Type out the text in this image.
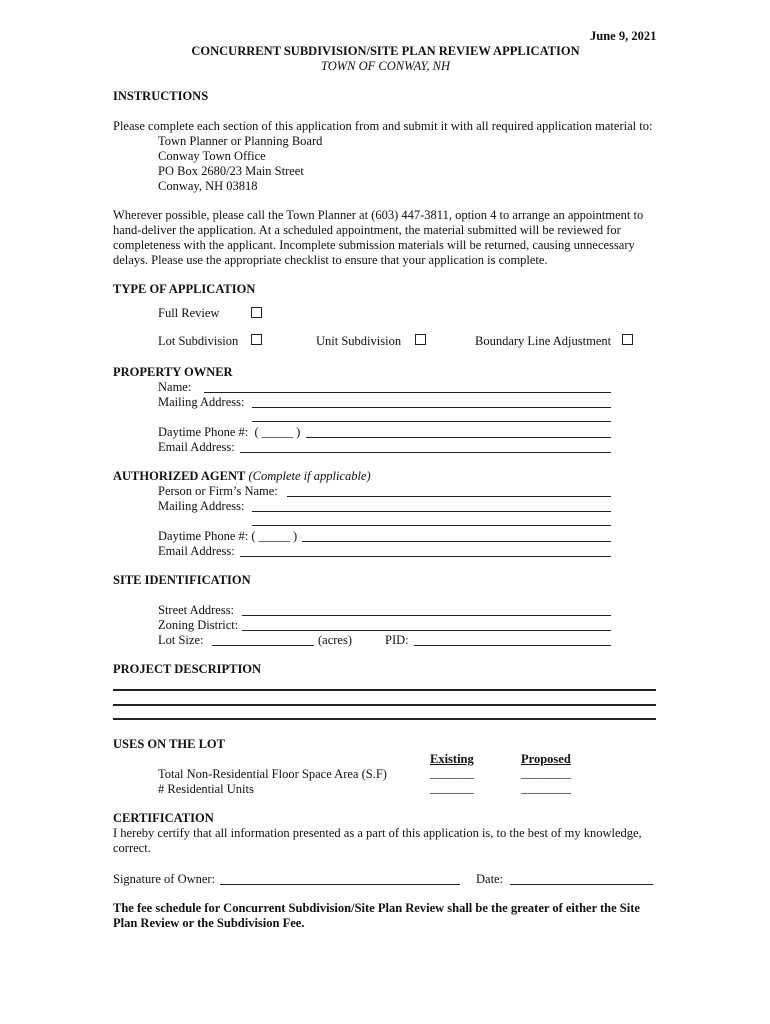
June 9, 2021
CONCURRENT SUBDIVISION/SITE PLAN REVIEW APPLICATION
TOWN OF CONWAY, NH
INSTRUCTIONS
Please complete each section of this application from and submit it with all required application material to:
Town Planner or Planning Board
Conway Town Office
PO Box 2680/23 Main Street
Conway, NH 03818
Wherever possible, please call the Town Planner at (603) 447-3811, option 4 to arrange an appointment to hand-deliver the application. At a scheduled appointment, the material submitted will be reviewed for completeness with the applicant. Incomplete submission materials will be returned, causing unnecessary delays. Please use the appropriate checklist to ensure that your application is complete.
TYPE OF APPLICATION
Full Review
Lot Subdivision	Unit Subdivision	Boundary Line Adjustment
PROPERTY OWNER
Name:
Mailing Address:
Daytime Phone #: ( _____ )
Email Address:
AUTHORIZED AGENT (Complete if applicable)
Person or Firm’s Name:
Mailing Address:
Daytime Phone #: ( _____ )
Email Address:
SITE IDENTIFICATION
Street Address:
Zoning District:
Lot Size:	(acres)	PID:
PROJECT DESCRIPTION
USES ON THE LOT
Existing	Proposed
Total Non-Residential Floor Space Area (S.F)	_______	________
# Residential Units	_______	________
CERTIFICATION
I hereby certify that all information presented as a part of this application is, to the best of my knowledge, correct.
Signature of Owner:	Date:
The fee schedule for Concurrent Subdivision/Site Plan Review shall be the greater of either the Site Plan Review or the Subdivision Fee.
